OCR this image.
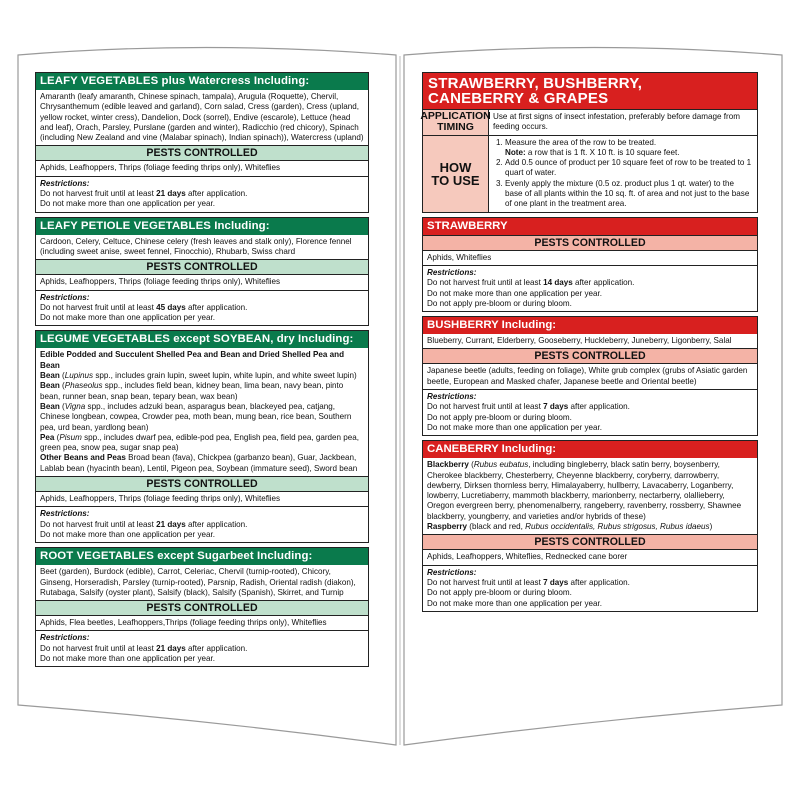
LEAFY VEGETABLES plus Watercress Including:
Amaranth (leafy amaranth, Chinese spinach, tampala), Arugula (Roquette), Chervil, Chrysanthemum (edible leaved and garland), Corn salad, Cress (garden), Cress (upland, yellow rocket, winter cress), Dandelion, Dock (sorrel), Endive (escarole), Lettuce (head and leaf), Orach, Parsley, Purslane (garden and winter), Radicchio (red chicory), Spinach (including New Zealand and vine (Malabar spinach), Indian spinach)), Watercress (upland)
PESTS CONTROLLED
Aphids, Leafhoppers, Thrips (foliage feeding thrips only), Whiteflies
Restrictions:
Do not harvest fruit until at least 21 days after application.
Do not make more than one application per year.
LEAFY PETIOLE VEGETABLES Including:
Cardoon, Celery, Celtuce, Chinese celery (fresh leaves and stalk only), Florence fennel (including sweet anise, sweet fennel, Finocchio), Rhubarb, Swiss chard
PESTS CONTROLLED
Aphids, Leafhoppers, Thrips (foliage feeding thrips only), Whiteflies
Restrictions:
Do not harvest fruit until at least 45 days after application.
Do not make more than one application per year.
LEGUME VEGETABLES except SOYBEAN, dry Including:
Edible Podded and Succulent Shelled Pea and Bean and Dried Shelled Pea and Bean
Bean (Lupinus spp., includes grain lupin, sweet lupin, white lupin, and white sweet lupin)
Bean (Phaseolus spp., includes field bean, kidney bean, lima bean, navy bean, pinto bean, runner bean, snap bean, tepary bean, wax bean)
Bean (Vigna spp., includes adzuki bean, asparagus bean, blackeyed pea, catjang, Chinese longbean, cowpea, Crowder pea, moth bean, mung bean, rice bean, Southern pea, urd bean, yardlong bean)
Pea (Pisum spp., includes dwarf pea, edible-pod pea, English pea, field pea, garden pea, green pea, snow pea, sugar snap pea)
Other Beans and Peas Broad bean (fava), Chickpea (garbanzo bean), Guar, Jackbean, Lablab bean (hyacinth bean), Lentil, Pigeon pea, Soybean (immature seed), Sword bean
PESTS CONTROLLED
Aphids, Leafhoppers, Thrips (foliage feeding thrips only), Whiteflies
Restrictions:
Do not harvest fruit until at least 21 days after application.
Do not make more than one application per year.
ROOT VEGETABLES except Sugarbeet Including:
Beet (garden), Burdock (edible), Carrot, Celeriac, Chervil (turnip-rooted), Chicory, Ginseng, Horseradish, Parsley (turnip-rooted), Parsnip, Radish, Oriental radish (diakon), Rutabaga, Salsify (oyster plant), Salsify (black), Salsify (Spanish), Skirret, and Turnip
PESTS CONTROLLED
Aphids, Flea beetles, Leafhoppers,Thrips (foliage feeding thrips only), Whiteflies
Restrictions:
Do not harvest fruit until at least 21 days after application.
Do not make more than one application per year.
STRAWBERRY, BUSHBERRY,
CANEBERRY & GRAPES
APPLICATION
TIMING
Use at first signs of insect infestation, preferably before damage from feeding occurs.
HOW
TO USE
1. Measure the area of the row to be treated.
Note: a row that is 1 ft. X 10 ft. is 10 square feet.
2. Add 0.5 ounce of product per 10 square feet of row to be treated to 1 quart of water.
3. Evenly apply the mixture (0.5 oz. product plus 1 qt. water) to the base of all plants within the 10 sq. ft. of area and not just to the base of one plant in the treatment area.
STRAWBERRY
PESTS CONTROLLED
Aphids, Whiteflies
Restrictions:
Do not harvest fruit until at least 14 days after application.
Do not make more than one application per year.
Do not apply pre-bloom or during bloom.
BUSHBERRY Including:
Blueberry, Currant, Elderberry, Gooseberry, Huckleberry, Juneberry, Ligonberry, Salal
PESTS CONTROLLED
Japanese beetle (adults, feeding on foliage), White grub complex (grubs of Asiatic garden beetle, European and Masked chafer, Japanese beetle and Oriental beetle)
Restrictions:
Do not harvest fruit until at least 7 days after application.
Do not apply pre-bloom or during bloom.
Do not make more than one application per year.
CANEBERRY Including:
Blackberry (Rubus eubatus, including bingleberry, black satin berry, boysenberry, Cherokee blackberry, Chesterberry, Cheyenne blackberry, coryberry, darrowberry, dewberry, Dirksen thornless berry, Himalayaberry, hullberry, Lavacaberry, Loganberry, lowberry, Lucretiaberry, mammoth blackberry, marionberry, nectarberry, olallieberry, Oregon evergreen berry, phenomenalberry, rangeberry, ravenberry, rossberry, Shawnee blackberry, youngberry, and varieties and/or hybrids of these)
Raspberry (black and red, Rubus occidentalis, Rubus strigosus, Rubus idaeus)
PESTS CONTROLLED
Aphids, Leafhoppers, Whiteflies, Rednecked cane borer
Restrictions:
Do not harvest fruit until at least 7 days after application.
Do not apply pre-bloom or during bloom.
Do not make more than one application per year.
